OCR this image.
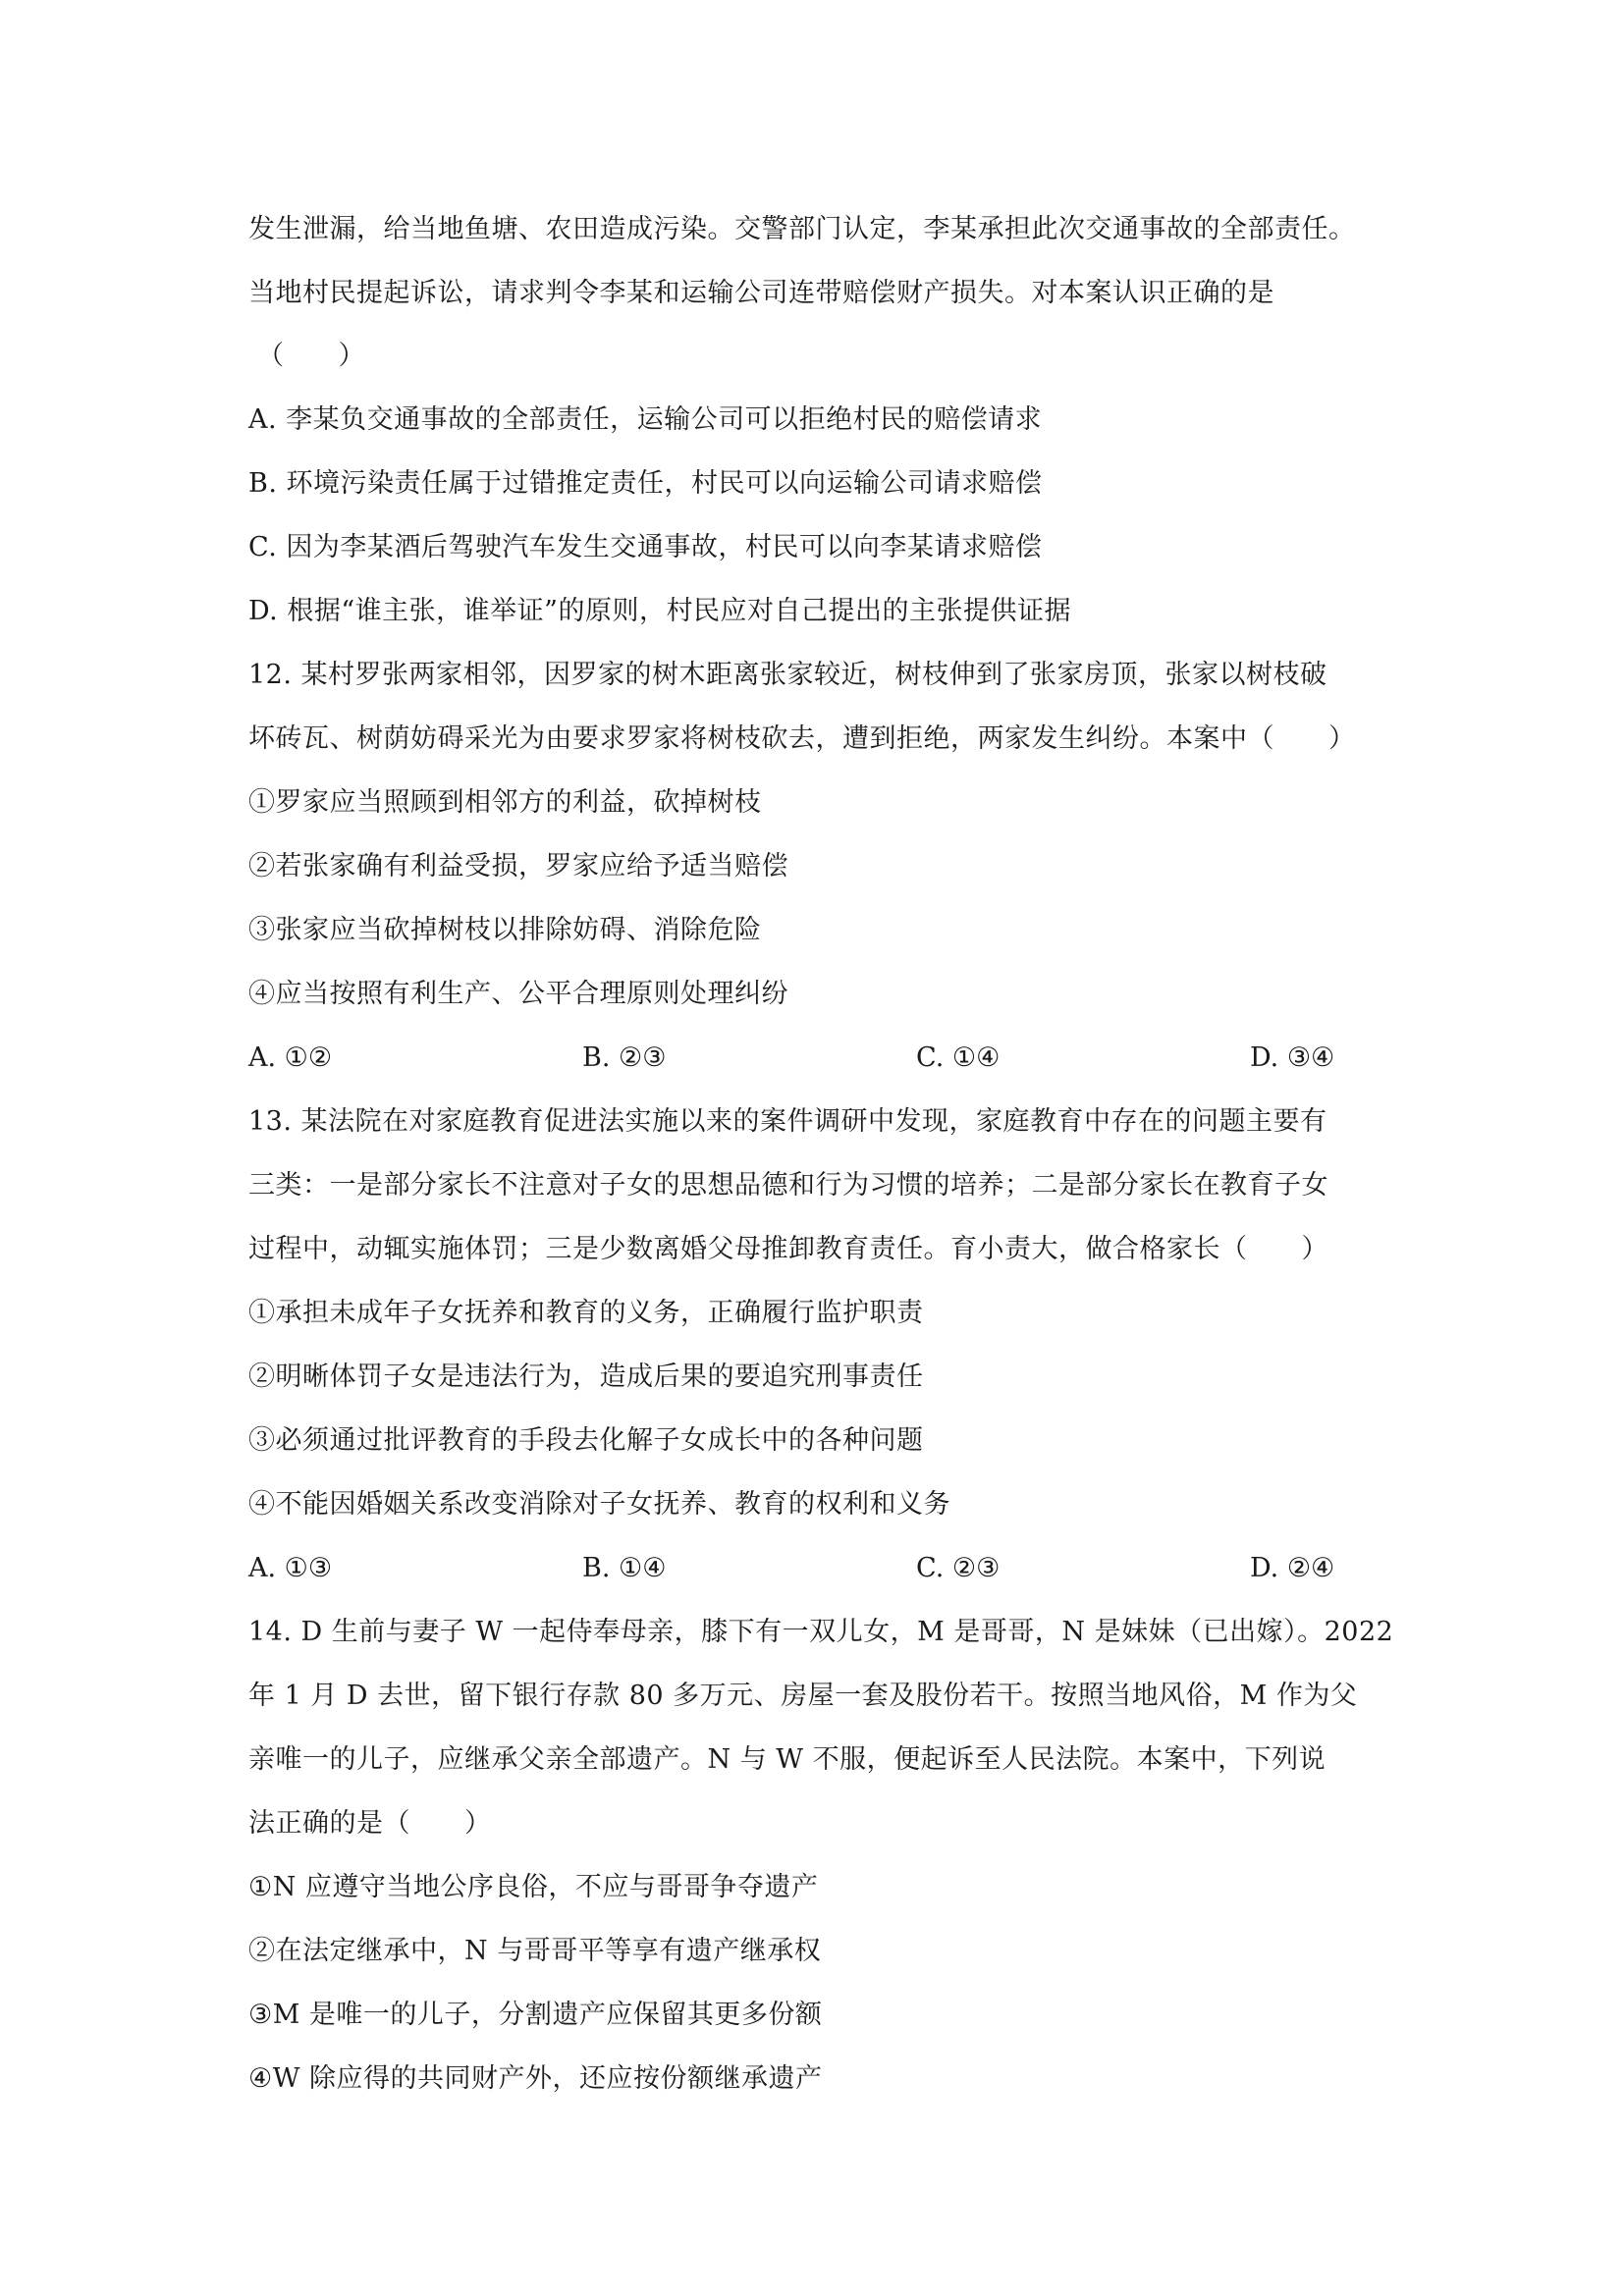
发生泄漏，给当地鱼塘、农田造成污染。交警部门认定，李某承担此次交通事故的全部责任。
当地村民提起诉讼，请求判令李某和运输公司连带赔偿财产损失。对本案认识正确的是
（　　）
A. 李某负交通事故的全部责任，运输公司可以拒绝村民的赔偿请求
B. 环境污染责任属于过错推定责任，村民可以向运输公司请求赔偿
C. 因为李某酒后驾驶汽车发生交通事故，村民可以向李某请求赔偿
D. 根据“谁主张，谁举证”的原则，村民应对自己提出的主张提供证据
12. 某村罗张两家相邻，因罗家的树木距离张家较近，树枝伸到了张家房顶，张家以树枝破
坏砖瓦、树荫妨碍采光为由要求罗家将树枝砍去，遭到拒绝，两家发生纠纷。本案中（　　）
①罗家应当照顾到相邻方的利益，砍掉树枝
②若张家确有利益受损，罗家应给予适当赔偿
③张家应当砍掉树枝以排除妨碍、消除危险
④应当按照有利生产、公平合理原则处理纠纷
A. ①②	B. ②③	C. ①④	D. ③④
13. 某法院在对家庭教育促进法实施以来的案件调研中发现，家庭教育中存在的问题主要有
三类：一是部分家长不注意对子女的思想品德和行为习惯的培养；二是部分家长在教育子女
过程中，动辄实施体罚；三是少数离婚父母推卸教育责任。育小责大，做合格家长（　　）
①承担未成年子女抚养和教育的义务，正确履行监护职责
②明晰体罚子女是违法行为，造成后果的要追究刑事责任
③必须通过批评教育的手段去化解子女成长中的各种问题
④不能因婚姻关系改变消除对子女抚养、教育的权利和义务
A. ①③	B. ①④	C. ②③	D. ②④
14. D 生前与妻子 W 一起侍奉母亲，膝下有一双儿女，M 是哥哥，N 是妹妹（已出嫁）。2022
年 1 月 D 去世，留下银行存款 80 多万元、房屋一套及股份若干。按照当地风俗，M 作为父
亲唯一的儿子，应继承父亲全部遗产。N 与 W 不服，便起诉至人民法院。本案中，下列说
法正确的是（　　）
①N 应遵守当地公序良俗，不应与哥哥争夺遗产
②在法定继承中，N 与哥哥平等享有遗产继承权
③M 是唯一的儿子，分割遗产应保留其更多份额
④W 除应得的共同财产外，还应按份额继承遗产
